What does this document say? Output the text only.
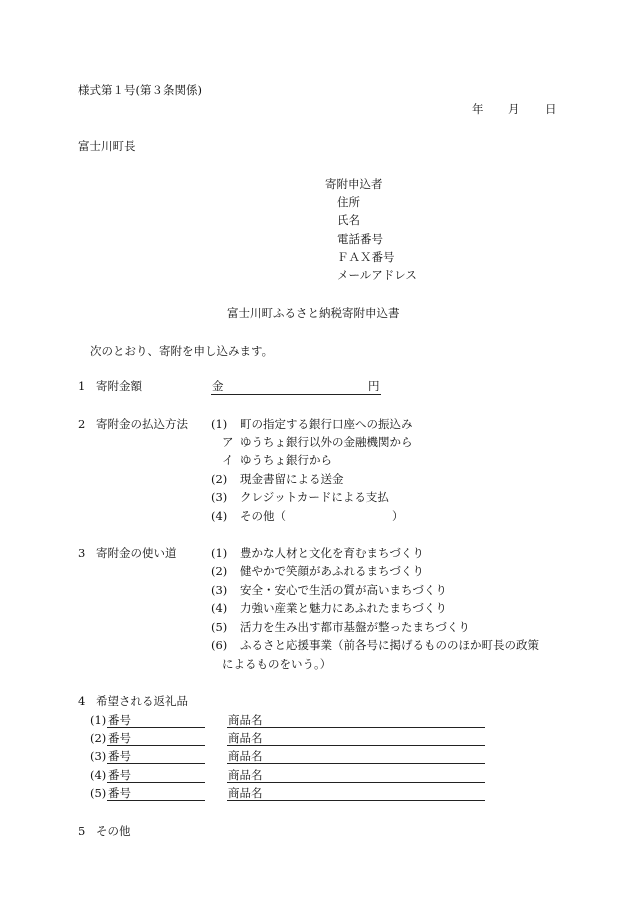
様式第１号(第３条関係)
年 月 日
富士川町長
寄附申込者
住所
氏名
電話番号
ＦＡＸ番号
メールアドレス
富士川町ふるさと納税寄附申込書
次のとおり、寄附を申し込みます。
1 寄附金額	金	円
2 寄附金の払込方法 (1) 町の指定する銀行口座への振込み
ア ゆうちょ銀行以外の金融機関から
イ ゆうちょ銀行から
(2) 現金書留による送金
(3) クレジットカードによる支払
(4) その他（	）
3 寄附金の使い道	(1) 豊かな人材と文化を育むまちづくり
(2) 健やかで笑顔があふれるまちづくり
(3) 安全・安心で生活の質が高いまちづくり
(4) 力強い産業と魅力にあふれたまちづくり
(5) 活力を生み出す都市基盤が整ったまちづくり
(6) ふるさと応援事業（前各号に掲げるもののほか町長の政策
によるものをいう。）
4 希望される返礼品
(1) 番号	商品名
(2) 番号	商品名
(3) 番号	商品名
(4) 番号	商品名
(5) 番号	商品名
5 その他
